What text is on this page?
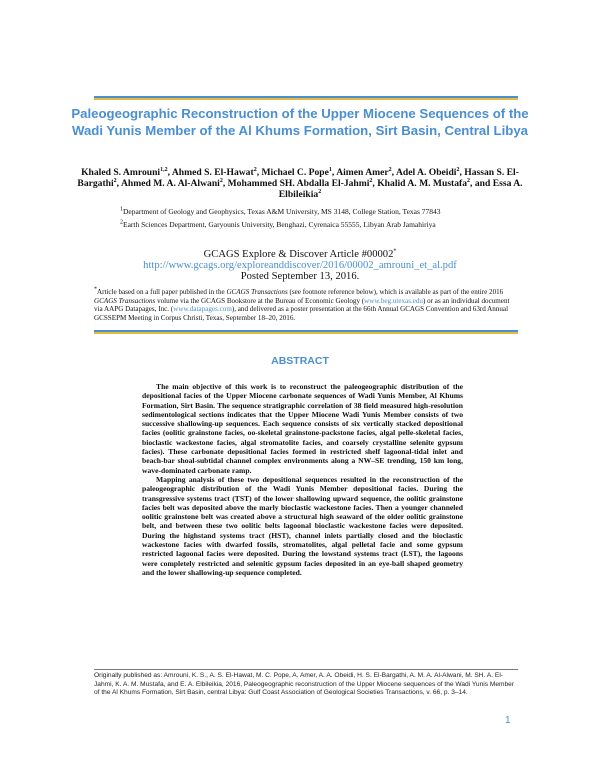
Paleogeographic Reconstruction of the Upper Miocene Sequences of the Wadi Yunis Member of the Al Khums Formation, Sirt Basin, Central Libya
Khaled S. Amrouni$^{1,2}$, Ahmed S. El-Hawat$^2$, Michael C. Pope$^1$, Aimen Amer$^2$, Adel A. Obeidi$^2$, Hassan S. El-Bargathi$^2$, Ahmed M. A. Al-Alwani$^2$, Mohammed SH. Abdalla El-Jahmi$^2$, Khalid A. M. Mustafa$^2$, and Essa A. Elbileikia$^2$
$^1$Department of Geology and Geophysics, Texas A&M University, MS 3148, College Station, Texas 77843
$^2$Earth Sciences Department, Garyounis University, Benghazi, Cyrenaica 55555, Libyan Arab Jamahiriya
GCAGS Explore & Discover Article #00002*
http://www.gcags.org/exploreanddiscover/2016/00002_amrouni_et_al.pdf
Posted September 13, 2016.
*Article based on a full paper published in the GCAGS Transactions (see footnote reference below), which is available as part of the entire 2016 GCAGS Transactions volume via the GCAGS Bookstore at the Bureau of Economic Geology (www.beg.utexas.edu) or as an individual document via AAPG Datapages, Inc. (www.datapages.com), and delivered as a poster presentation at the 66th Annual GCAGS Convention and 63rd Annual GCSSEPM Meeting in Corpus Christi, Texas, September 18–20, 2016.
ABSTRACT

The main objective of this work is to reconstruct the paleogeographic distribution of the depositional facies of the Upper Miocene carbonate sequences of Wadi Yunis Member, Al Khums Formation, Sirt Basin. The sequence stratigraphic correlation of 38 field measured high-resolution sedimentological sections indicates that the Upper Miocene Wadi Yunis Member consists of two successive shallowing-up sequences. Each sequence consists of six vertically stacked depositional facies (oolitic grainstone facies, oo-skeletal grainstone-packstone facies, algal pelle-skeletal facies, bioclastic wackestone facies, algal stromatolite facies, and coarsely crystalline selenite gypsum facies). These carbonate depositional facies formed in restricted shelf lagoonal-tidal inlet and beach-bar shoal-subtidal channel complex environments along a NW–SE trending, 150 km long, wave-dominated carbonate ramp.

Mapping analysis of these two depositional sequences resulted in the reconstruction of the paleogeographic distribution of the Wadi Yunis Member depositional facies. During the transgressive systems tract (TST) of the lower shallowing upward sequence, the oolitic grainstone facies belt was deposited above the marly bioclastic wackestone facies. Then a younger channeled oolitic grainstone belt was created above a structural high seaward of the older oolitic grainstone belt, and between these two oolitic belts lagoonal bioclastic wackestone facies were deposited. During the highstand systems tract (HST), channel inlets partially closed and the bioclastic wackestone facies with dwarfed fossils, stromatolites, algal pelletal facie and some gypsum restricted lagoonal facies were deposited. During the lowstand systems tract (LST), the lagoons were completely restricted and selenitic gypsum facies deposited in an eye-ball shaped geometry and the lower shallowing-up sequence completed.

Originally published as: Amrouni, K. S., A. S. El-Hawat, M. C. Pope, A. Amer, A. A. Obeidi, H. S. El-Bargathi, A. M. A. Al-Alwani, M. SH. A. El-Jahmi, K. A. M. Mustafa, and E. A. Elbileikia, 2016, Paleogeographic reconstruction of the Upper Miocene sequences of the Wadi Yunis Member of the Al Khums Formation, Sirt Basin, central Libya: Gulf Coast Association of Geological Societies Transactions, v. 66, p. 3–14.
1
